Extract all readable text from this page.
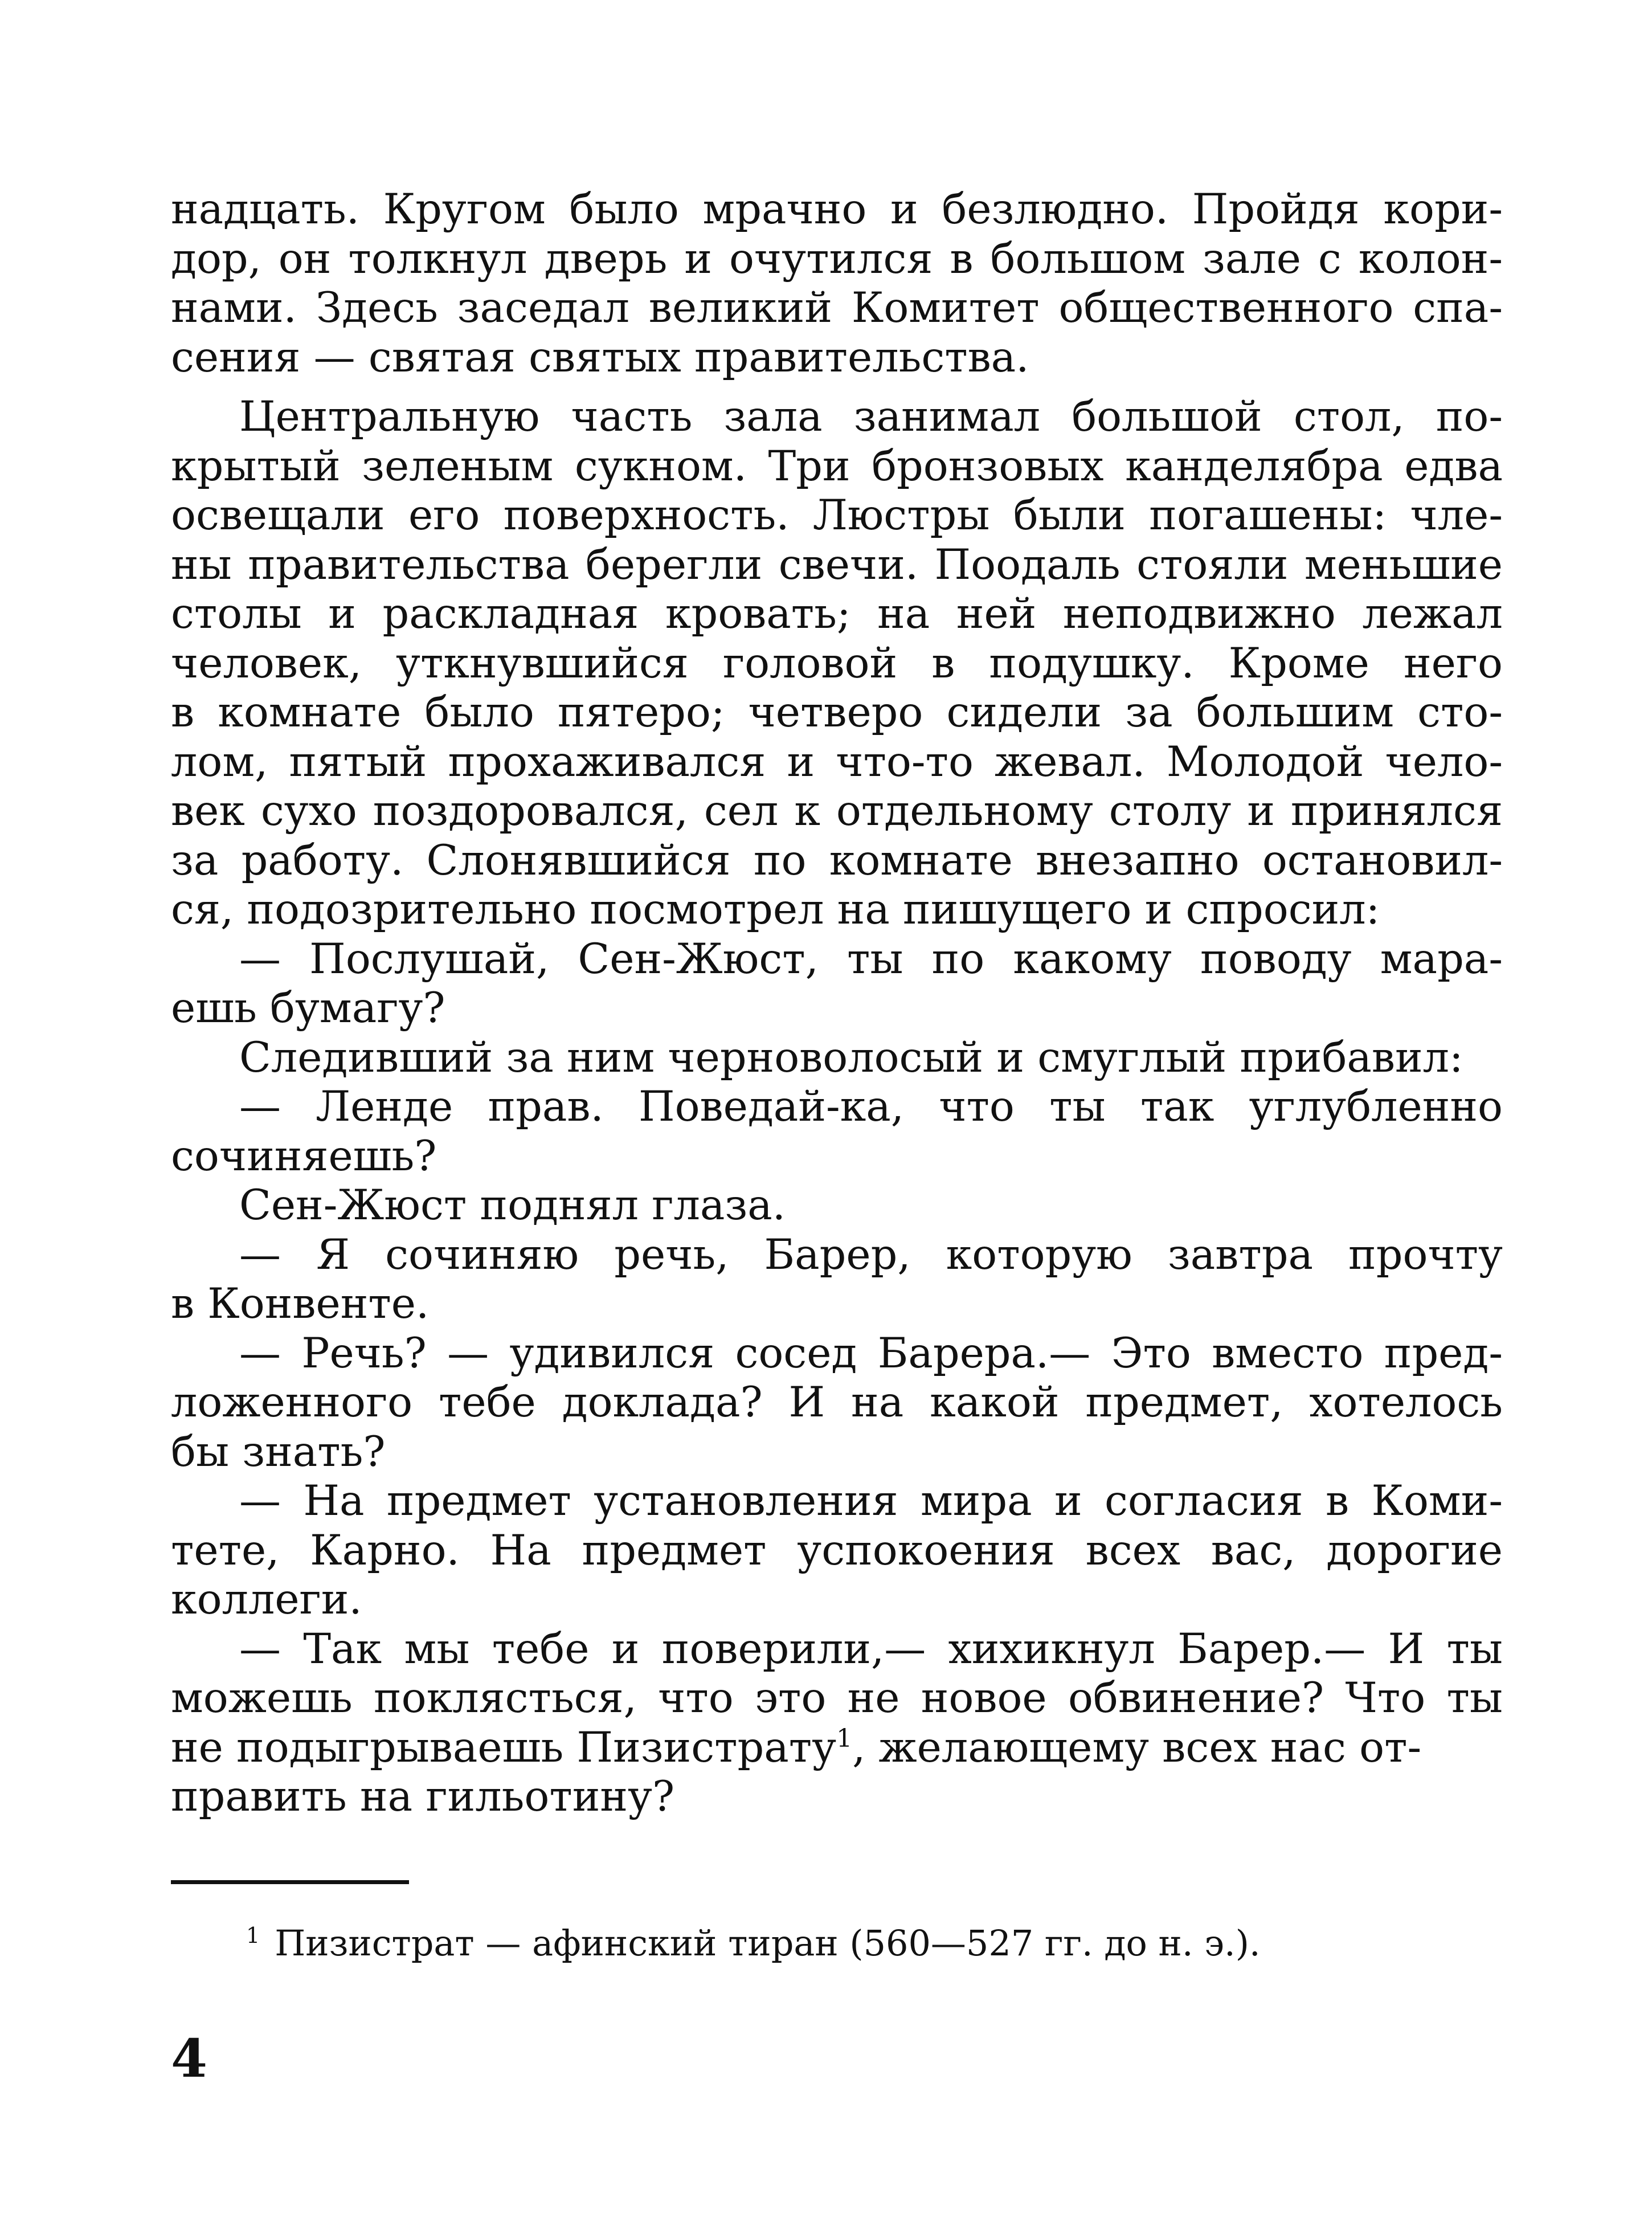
надцать. Кругом было мрачно и безлюдно. Пройдя кори-
дор, он толкнул дверь и очутился в большом зале с колон-
нами. Здесь заседал великий Комитет общественного спа-
сения — святая святых правительства.
Центральную часть зала занимал большой стол, по-
крытый зеленым сукном. Три бронзовых канделябра едва
освещали его поверхность. Люстры были погашены: чле-
ны правительства берегли свечи. Поодаль стояли меньшие
столы и раскладная кровать; на ней неподвижно лежал
человек, уткнувшийся головой в подушку. Кроме него
в комнате было пятеро; четверо сидели за большим сто-
лом, пятый прохаживался и что-то жевал. Молодой чело-
век сухо поздоровался, сел к отдельному столу и принялся
за работу. Слонявшийся по комнате внезапно остановил-
ся, подозрительно посмотрел на пишущего и спросил:
— Послушай, Сен-Жюст, ты по какому поводу мара-
ешь бумагу?
Следивший за ним черноволосый и смуглый прибавил:
— Ленде прав. Поведай-ка, что ты так углубленно
сочиняешь?
Сен-Жюст поднял глаза.
— Я сочиняю речь, Барер, которую завтра прочту
в Конвенте.
— Речь? — удивился сосед Барера.— Это вместо пред-
ложенного тебе доклада? И на какой предмет, хотелось
бы знать?
— На предмет установления мира и согласия в Коми-
тете, Карно. На предмет успокоения всех вас, дорогие
коллеги.
— Так мы тебе и поверили,— хихикнул Барер.— И ты
можешь поклясться, что это не новое обвинение? Что ты
не подыгрываешь Пизистрату$^1$, желающему всех нас от-
править на гильотину?
$^1$ Пизистрат — афинский тиран (560—527 гг. до н. э.).
4
